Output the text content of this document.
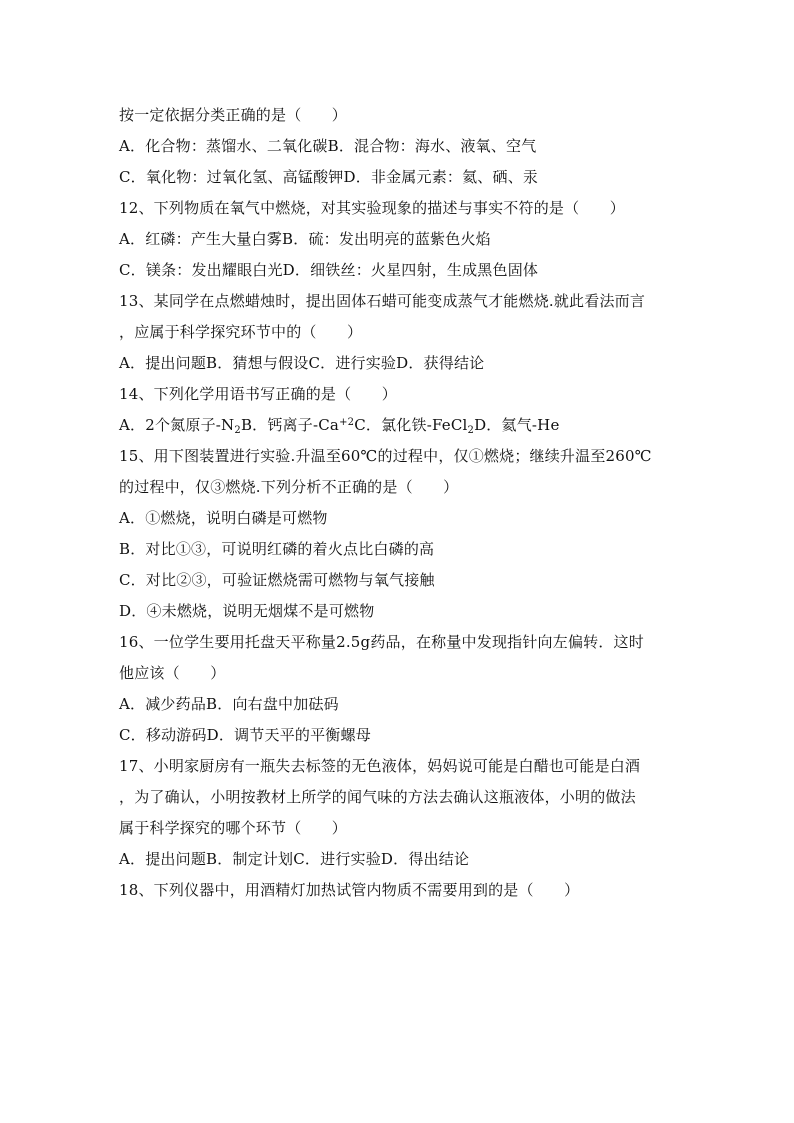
按一定依据分类正确的是（　　）
A．化合物：蒸馏水、二氧化碳B．混合物：海水、液氧、空气
C．氧化物：过氧化氢、高锰酸钾D．非金属元素：氦、硒、汞
12、下列物质在氧气中燃烧，对其实验现象的描述与事实不符的是（　　）
A．红磷：产生大量白雾B．硫：发出明亮的蓝紫色火焰
C．镁条：发出耀眼白光D．细铁丝：火星四射，生成黑色固体
13、某同学在点燃蜡烛时，提出固体石蜡可能变成蒸气才能燃烧.就此看法而言
，应属于科学探究环节中的（　　）
A．提出问题B．猜想与假设C．进行实验D．获得结论
14、下列化学用语书写正确的是（　　）
A．2个氮原子$-N_2B$．钙离子$-Ca^{+2}C$．氯化铁-FeCl$_2$D．氦气-He
15、用下图装置进行实验.升温至60℃的过程中，仅①燃烧；继续升温至260℃
的过程中，仅③燃烧.下列分析不正确的是（　　）
A．①燃烧，说明白磷是可燃物
B．对比①③，可说明红磷的着火点比白磷的高
C．对比②③，可验证燃烧需可燃物与氧气接触
D．④未燃烧，说明无烟煤不是可燃物
16、一位学生要用托盘天平称量2.5g药品，在称量中发现指针向左偏转．这时
他应该（　　）
A．减少药品B．向右盘中加砝码
C．移动游码D．调节天平的平衡螺母
17、小明家厨房有一瓶失去标签的无色液体，妈妈说可能是白醋也可能是白酒
，为了确认，小明按教材上所学的闻气味的方法去确认这瓶液体，小明的做法
属于科学探究的哪个环节（　　）
A．提出问题B．制定计划C．进行实验D．得出结论
18、下列仪器中，用酒精灯加热试管内物质不需要用到的是（　　）
